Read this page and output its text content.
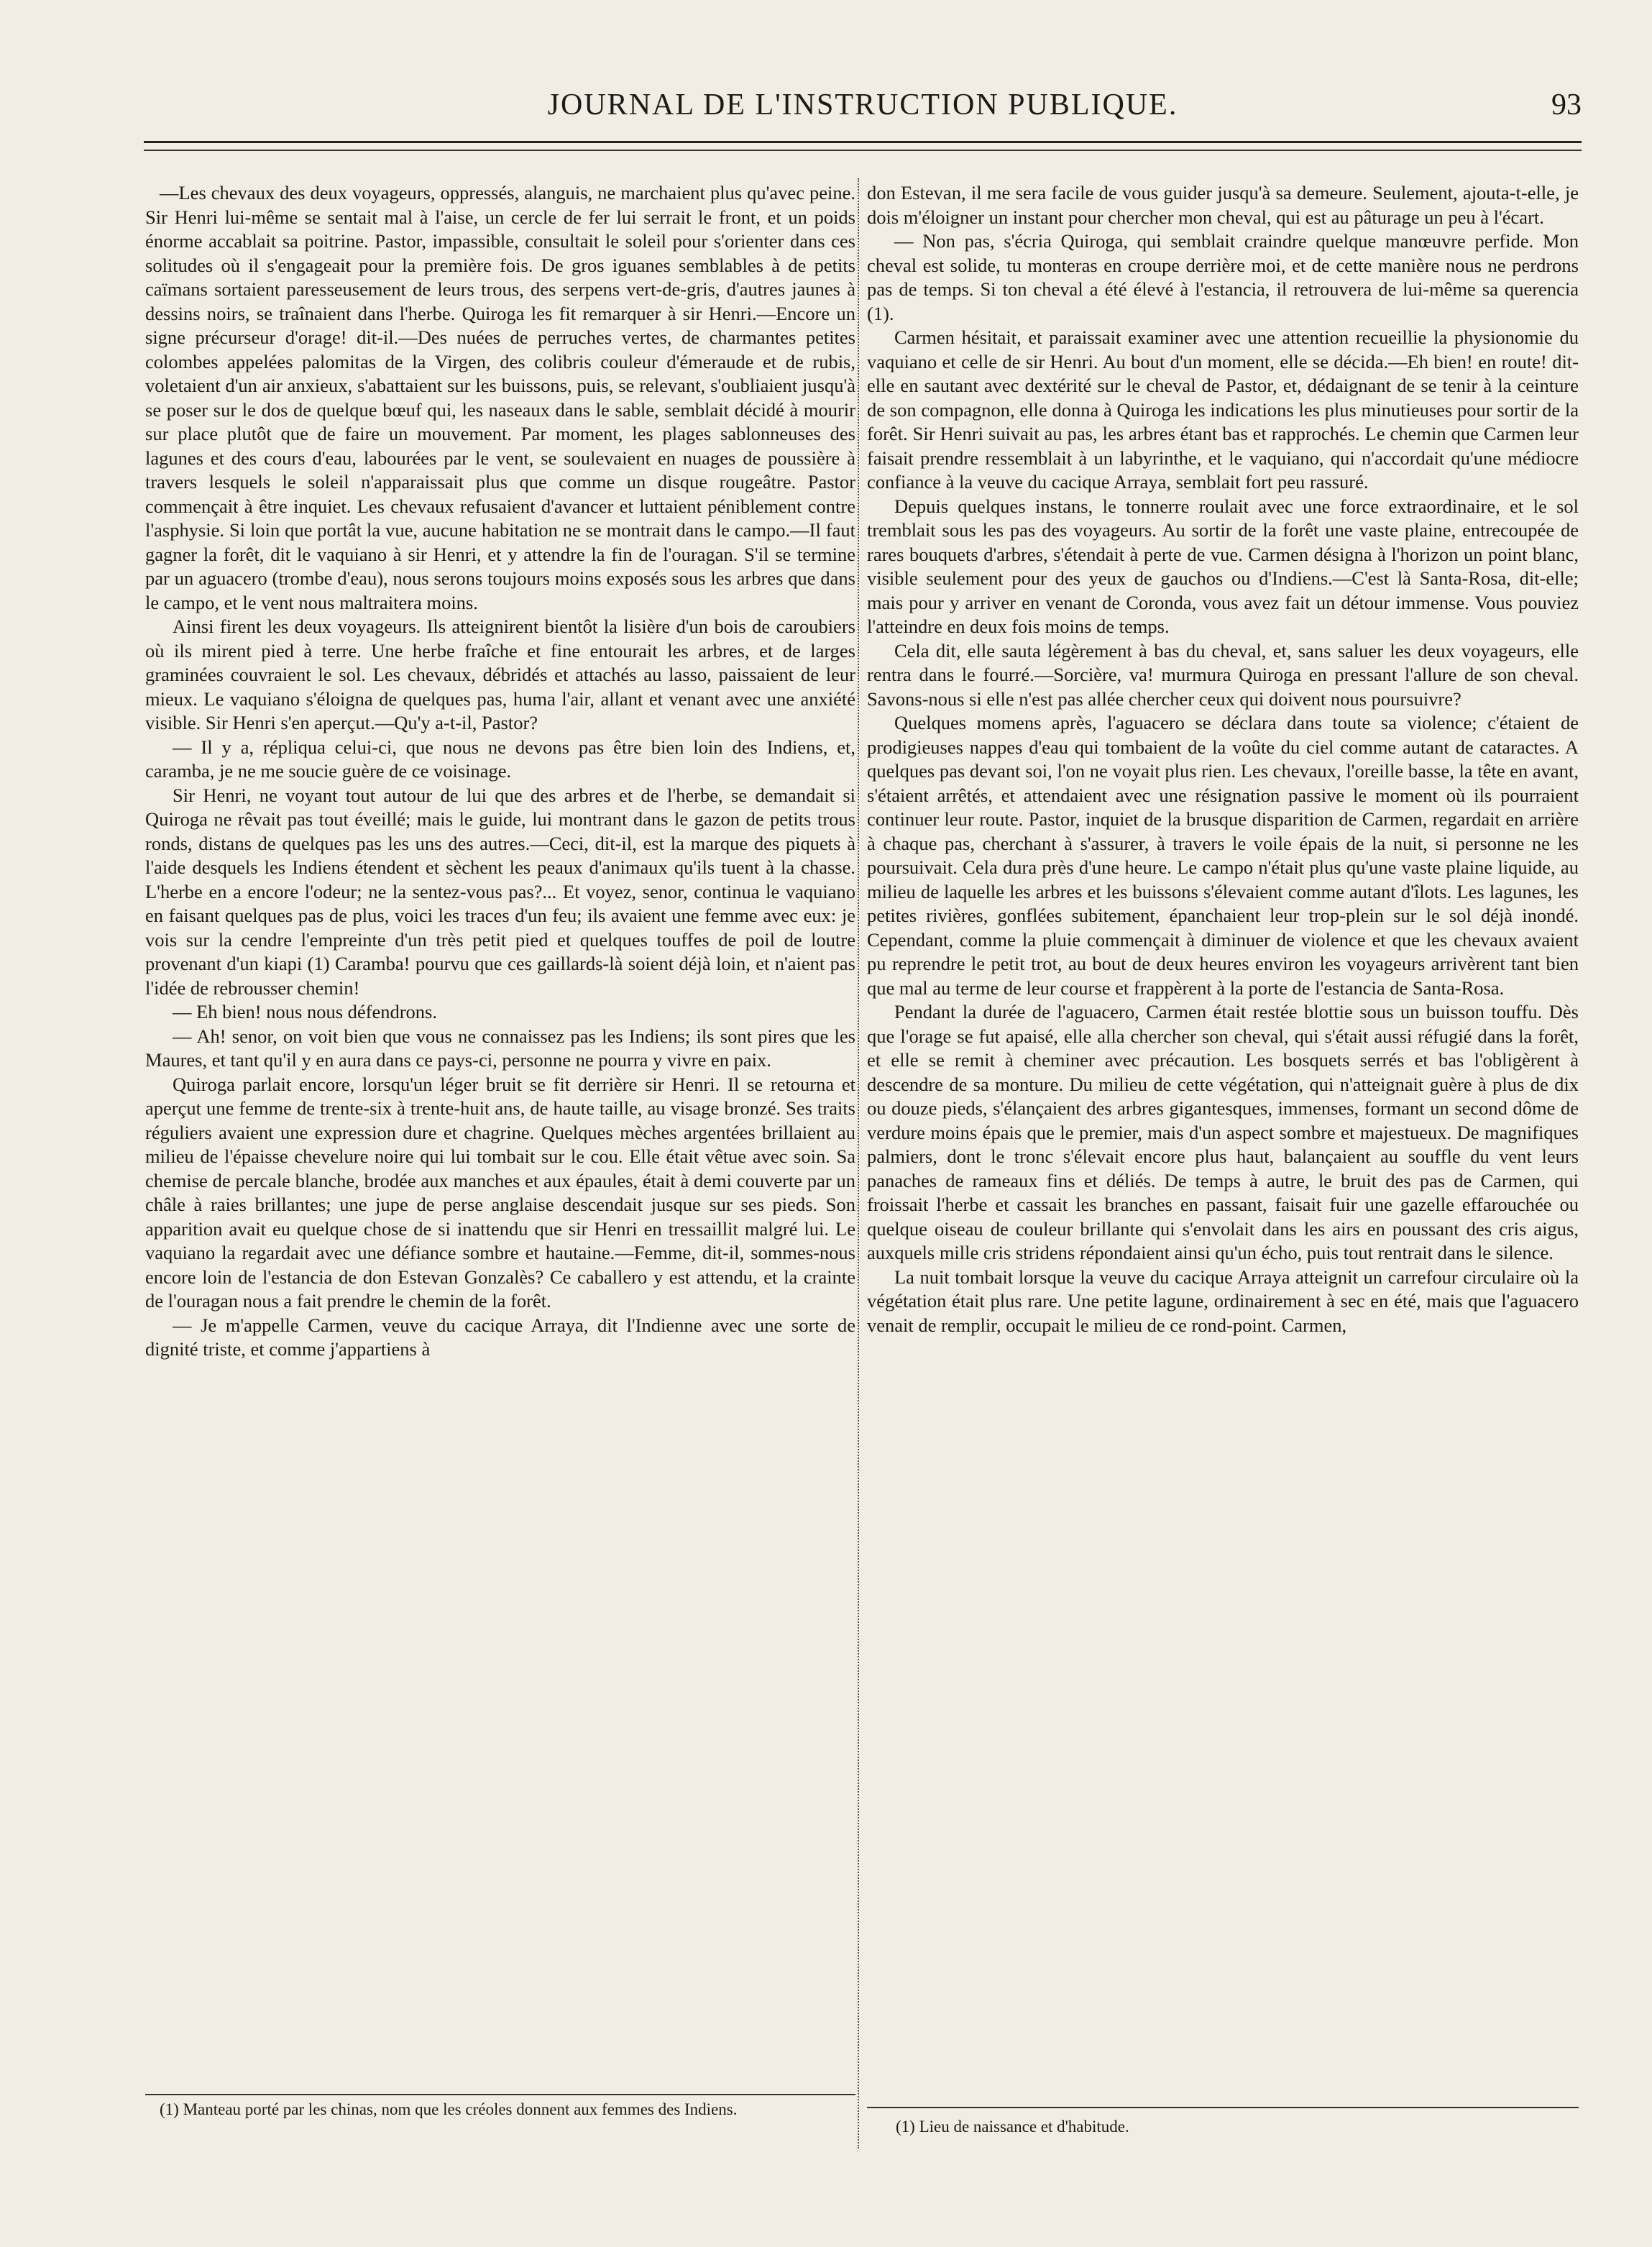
JOURNAL DE L'INSTRUCTION PUBLIQUE.	93

—Les chevaux des deux voyageurs, oppressés, alanguis, ne marchaient plus qu'avec peine. Sir Henri lui-même se sentait mal à l'aise, un cercle de fer lui serrait le front, et un poids énorme accablait sa poitrine. Pastor, impassible, consultait le soleil pour s'orienter dans ces solitudes où il s'engageait pour la première fois. De gros iguanes semblables à de petits caïmans sortaient paresseusement de leurs trous, des serpens vert-de-gris, d'autres jaunes à dessins noirs, se traînaient dans l'herbe. Quiroga les fit remarquer à sir Henri.—Encore un signe précurseur d'orage! dit-il.—Des nuées de perruches vertes, de charmantes petites colombes appelées palomitas de la Virgen, des colibris couleur d'émeraude et de rubis, voletaient d'un air anxieux, s'abattaient sur les buissons, puis, se relevant, s'oubliaient jusqu'à se poser sur le dos de quelque bœuf qui, les naseaux dans le sable, semblait décidé à mourir sur place plutôt que de faire un mouvement. Par moment, les plages sablonneuses des lagunes et des cours d'eau, labourées par le vent, se soulevaient en nuages de poussière à travers lesquels le soleil n'apparaissait plus que comme un disque rougeâtre. Pastor commençait à être inquiet. Les chevaux refusaient d'avancer et luttaient péniblement contre l'asphysie. Si loin que portât la vue, aucune habitation ne se montrait dans le campo.—Il faut gagner la forêt, dit le vaquiano à sir Henri, et y attendre la fin de l'ouragan. S'il se termine par un aguacero (trombe d'eau), nous serons toujours moins exposés sous les arbres que dans le campo, et le vent nous maltraitera moins.

Ainsi firent les deux voyageurs. Ils atteignirent bientôt la lisière d'un bois de caroubiers où ils mirent pied à terre. Une herbe fraîche et fine entourait les arbres, et de larges graminées couvraient le sol. Les chevaux, débridés et attachés au lasso, paissaient de leur mieux. Le vaquiano s'éloigna de quelques pas, huma l'air, allant et venant avec une anxiété visible. Sir Henri s'en aperçut.—Qu'y a-t-il, Pastor?

— Il y a, répliqua celui-ci, que nous ne devons pas être bien loin des Indiens, et, caramba, je ne me soucie guère de ce voisinage.

Sir Henri, ne voyant tout autour de lui que des arbres et de l'herbe, se demandait si Quiroga ne rêvait pas tout éveillé; mais le guide, lui montrant dans le gazon de petits trous ronds, distans de quelques pas les uns des autres.—Ceci, dit-il, est la marque des piquets à l'aide desquels les Indiens étendent et sèchent les peaux d'animaux qu'ils tuent à la chasse. L'herbe en a encore l'odeur; ne la sentez-vous pas?... Et voyez, senor, continua le vaquiano en faisant quelques pas de plus, voici les traces d'un feu; ils avaient une femme avec eux: je vois sur la cendre l'empreinte d'un très petit pied et quelques touffes de poil de loutre provenant d'un kiapi (1) Caramba! pourvu que ces gaillards-là soient déjà loin, et n'aient pas l'idée de rebrousser chemin!

— Eh bien! nous nous défendrons.

— Ah! senor, on voit bien que vous ne connaissez pas les Indiens; ils sont pires que les Maures, et tant qu'il y en aura dans ce pays-ci, personne ne pourra y vivre en paix.

Quiroga parlait encore, lorsqu'un léger bruit se fit derrière sir Henri. Il se retourna et aperçut une femme de trente-six à trente-huit ans, de haute taille, au visage bronzé. Ses traits réguliers avaient une expression dure et chagrine. Quelques mèches argentées brillaient au milieu de l'épaisse chevelure noire qui lui tombait sur le cou. Elle était vêtue avec soin. Sa chemise de percale blanche, brodée aux manches et aux épaules, était à demi couverte par un châle à raies brillantes; une jupe de perse anglaise descendait jusque sur ses pieds. Son apparition avait eu quelque chose de si inattendu que sir Henri en tressaillit malgré lui. Le vaquiano la regardait avec une défiance sombre et hautaine.—Femme, dit-il, sommes-nous encore loin de l'estancia de don Estevan Gonzalès? Ce caballero y est attendu, et la crainte de l'ouragan nous a fait prendre le chemin de la forêt.

— Je m'appelle Carmen, veuve du cacique Arraya, dit l'Indienne avec une sorte de dignité triste, et comme j'appartiens à

don Estevan, il me sera facile de vous guider jusqu'à sa demeure. Seulement, ajouta-t-elle, je dois m'éloigner un instant pour chercher mon cheval, qui est au pâturage un peu à l'écart.

— Non pas, s'écria Quiroga, qui semblait craindre quelque manœuvre perfide. Mon cheval est solide, tu monteras en croupe derrière moi, et de cette manière nous ne perdrons pas de temps. Si ton cheval a été élevé à l'estancia, il retrouvera de lui-même sa querencia (1).

Carmen hésitait, et paraissait examiner avec une attention recueillie la physionomie du vaquiano et celle de sir Henri. Au bout d'un moment, elle se décida.—Eh bien! en route! dit-elle en sautant avec dextérité sur le cheval de Pastor, et, dédaignant de se tenir à la ceinture de son compagnon, elle donna à Quiroga les indications les plus minutieuses pour sortir de la forêt. Sir Henri suivait au pas, les arbres étant bas et rapprochés. Le chemin que Carmen leur faisait prendre ressemblait à un labyrinthe, et le vaquiano, qui n'accordait qu'une médiocre confiance à la veuve du cacique Arraya, semblait fort peu rassuré.

Depuis quelques instans, le tonnerre roulait avec une force extraordinaire, et le sol tremblait sous les pas des voyageurs. Au sortir de la forêt une vaste plaine, entrecoupée de rares bouquets d'arbres, s'étendait à perte de vue. Carmen désigna à l'horizon un point blanc, visible seulement pour des yeux de gauchos ou d'Indiens.—C'est là Santa-Rosa, dit-elle; mais pour y arriver en venant de Coronda, vous avez fait un détour immense. Vous pouviez l'atteindre en deux fois moins de temps.

Cela dit, elle sauta légèrement à bas du cheval, et, sans saluer les deux voyageurs, elle rentra dans le fourré.—Sorcière, va! murmura Quiroga en pressant l'allure de son cheval. Savons-nous si elle n'est pas allée chercher ceux qui doivent nous poursuivre?

Quelques momens après, l'aguacero se déclara dans toute sa violence; c'étaient de prodigieuses nappes d'eau qui tombaient de la voûte du ciel comme autant de cataractes. A quelques pas devant soi, l'on ne voyait plus rien. Les chevaux, l'oreille basse, la tête en avant, s'étaient arrêtés, et attendaient avec une résignation passive le moment où ils pourraient continuer leur route. Pastor, inquiet de la brusque disparition de Carmen, regardait en arrière à chaque pas, cherchant à s'assurer, à travers le voile épais de la nuit, si personne ne les poursuivait. Cela dura près d'une heure. Le campo n'était plus qu'une vaste plaine liquide, au milieu de laquelle les arbres et les buissons s'élevaient comme autant d'îlots. Les lagunes, les petites rivières, gonflées subitement, épanchaient leur trop-plein sur le sol déjà inondé. Cependant, comme la pluie commençait à diminuer de violence et que les chevaux avaient pu reprendre le petit trot, au bout de deux heures environ les voyageurs arrivèrent tant bien que mal au terme de leur course et frappèrent à la porte de l'estancia de Santa-Rosa.

Pendant la durée de l'aguacero, Carmen était restée blottie sous un buisson touffu. Dès que l'orage se fut apaisé, elle alla chercher son cheval, qui s'était aussi réfugié dans la forêt, et elle se remit à cheminer avec précaution. Les bosquets serrés et bas l'obligèrent à descendre de sa monture. Du milieu de cette végétation, qui n'atteignait guère à plus de dix ou douze pieds, s'élançaient des arbres gigantesques, immenses, formant un second dôme de verdure moins épais que le premier, mais d'un aspect sombre et majestueux. De magnifiques palmiers, dont le tronc s'élevait encore plus haut, balançaient au souffle du vent leurs panaches de rameaux fins et déliés. De temps à autre, le bruit des pas de Carmen, qui froissait l'herbe et cassait les branches en passant, faisait fuir une gazelle effarouchée ou quelque oiseau de couleur brillante qui s'envolait dans les airs en poussant des cris aigus, auxquels mille cris stridens répondaient ainsi qu'un écho, puis tout rentrait dans le silence.

La nuit tombait lorsque la veuve du cacique Arraya atteignit un carrefour circulaire où la végétation était plus rare. Une petite lagune, ordinairement à sec en été, mais que l'aguacero venait de remplir, occupait le milieu de ce rond-point. Carmen,

(1) Manteau porté par les chinas, nom que les créoles donnent aux femmes des Indiens.
(1) Lieu de naissance et d'habitude.
